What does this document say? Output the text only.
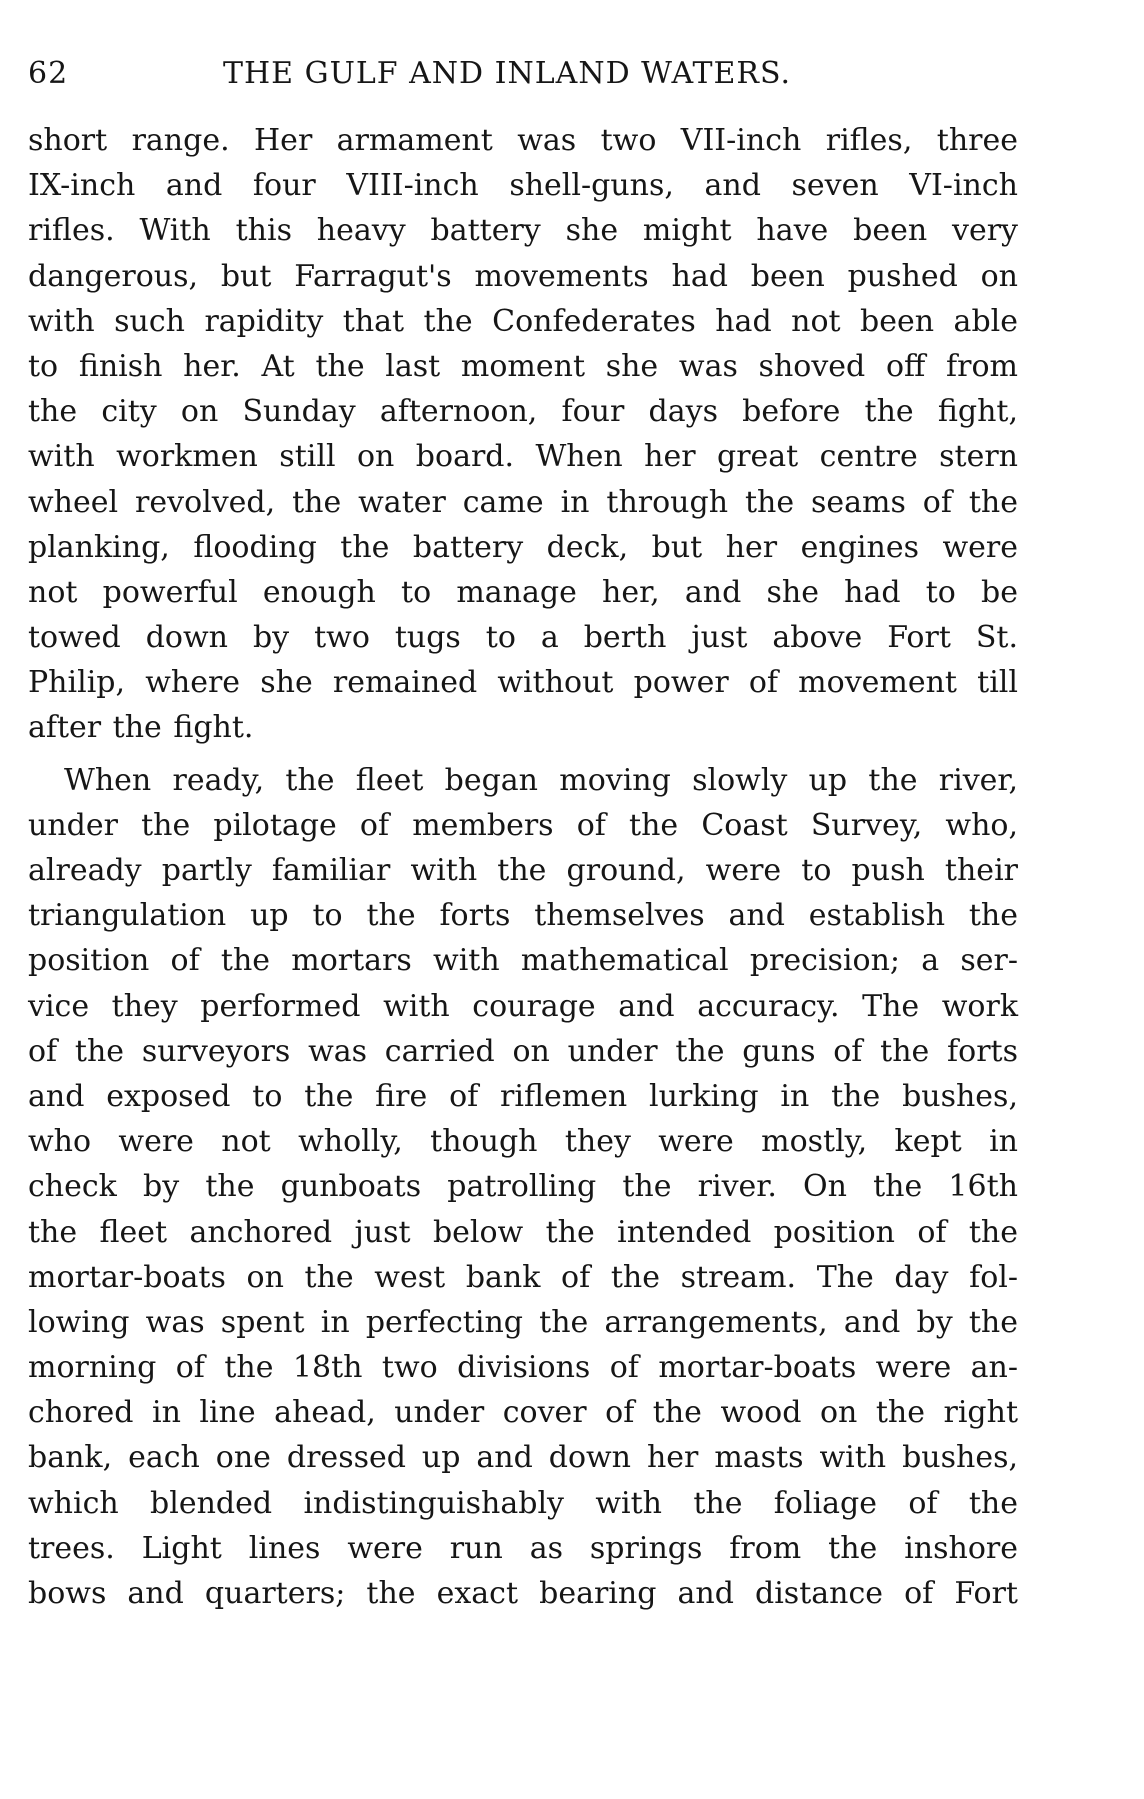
62	THE GULF AND INLAND WATERS.
short range. Her armament was two VII-inch rifles, three
IX-inch and four VIII-inch shell-guns, and seven VI-inch
rifles. With this heavy battery she might have been very
dangerous, but Farragut's movements had been pushed on
with such rapidity that the Confederates had not been able
to finish her. At the last moment she was shoved off from
the city on Sunday afternoon, four days before the fight,
with workmen still on board. When her great centre stern
wheel revolved, the water came in through the seams of the
planking, flooding the battery deck, but her engines were
not powerful enough to manage her, and she had to be
towed down by two tugs to a berth just above Fort St.
Philip, where she remained without power of movement till
after the fight.
When ready, the fleet began moving slowly up the river,
under the pilotage of members of the Coast Survey, who,
already partly familiar with the ground, were to push their
triangulation up to the forts themselves and establish the
position of the mortars with mathematical precision; a ser-
vice they performed with courage and accuracy. The work
of the surveyors was carried on under the guns of the forts
and exposed to the fire of riflemen lurking in the bushes,
who were not wholly, though they were mostly, kept in
check by the gunboats patrolling the river. On the 16th
the fleet anchored just below the intended position of the
mortar-boats on the west bank of the stream. The day fol-
lowing was spent in perfecting the arrangements, and by the
morning of the 18th two divisions of mortar-boats were an-
chored in line ahead, under cover of the wood on the right
bank, each one dressed up and down her masts with bushes,
which blended indistinguishably with the foliage of the
trees. Light lines were run as springs from the inshore
bows and quarters; the exact bearing and distance of Fort
